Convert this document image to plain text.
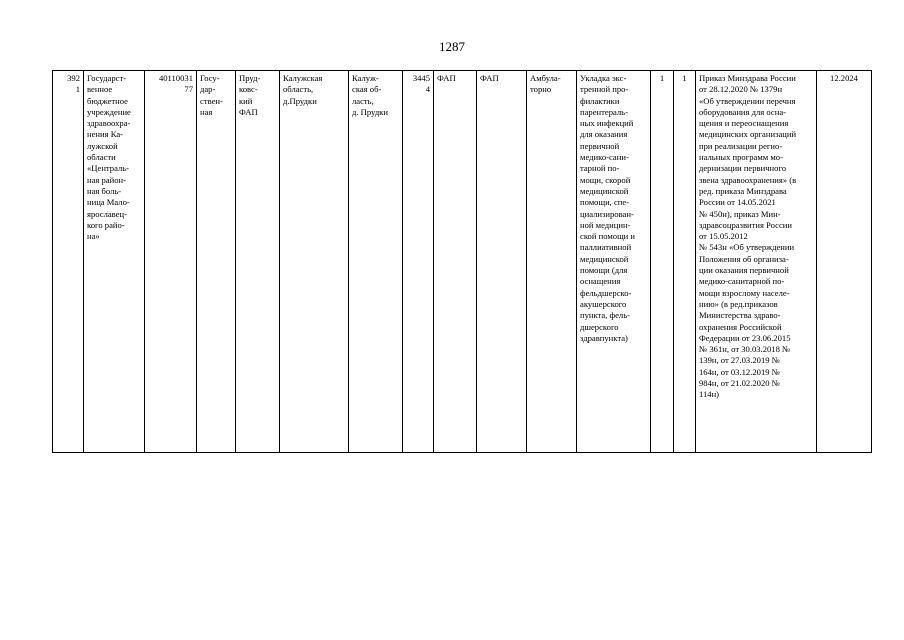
1287
392
1	Государст-
венное
бюджетное
учреждение
здравоохра-
нения Ка-
лужской
области
«Централь-
ная район-
ная боль-
ница Мало-
ярославец-
кого райо-
на»	40110031
77	Госу-
дар-
ствен-
ная	Пруд-
ковс-
кий
ФАП	Калужская
область,
д.Прудки	Калуж-
ская об-
ласть,
д. Прудки	3445
4	ФАП	ФАП	Амбула-
торно	Укладка экс-
тренной про-
филактики
парентераль-
ных инфекций
для оказания
первичной
медико-сани-
тарной по-
мощи, скорой
медицинской
помощи, спе-
циализирован-
ной медицин-
ской помощи и
паллиативной
медицинской
помощи (для
оснащения
фельдшерско-
акушерского
пункта, фель-
дшерского
здравпункта)	1	1	Приказ Минздрава России
от 28.12.2020 № 1379н
«Об утверждении перечня
оборудования для осна-
щения и переоснащения
медицинских организаций
при реализации регио-
нальных программ мо-
дернизации первичного
звена здравоохранения» (в
ред. приказа Минздрава
России от 14.05.2021
№ 450н), приказ Мин-
здравсоцразвития России
от 15.05.2012
№ 543н «Об утверждении
Положения об организа-
ции оказания первичной
медико-санитарной по-
мощи взрослому населе-
нию» (в ред.приказов
Министерства здраво-
охранения Российской
Федерации от 23.06.2015
№ 361н, от 30.03.2018 №
139н, от 27.03.2019 №
164н, от 03.12.2019 №
984н, от 21.02.2020 №
114н)	12.2024
